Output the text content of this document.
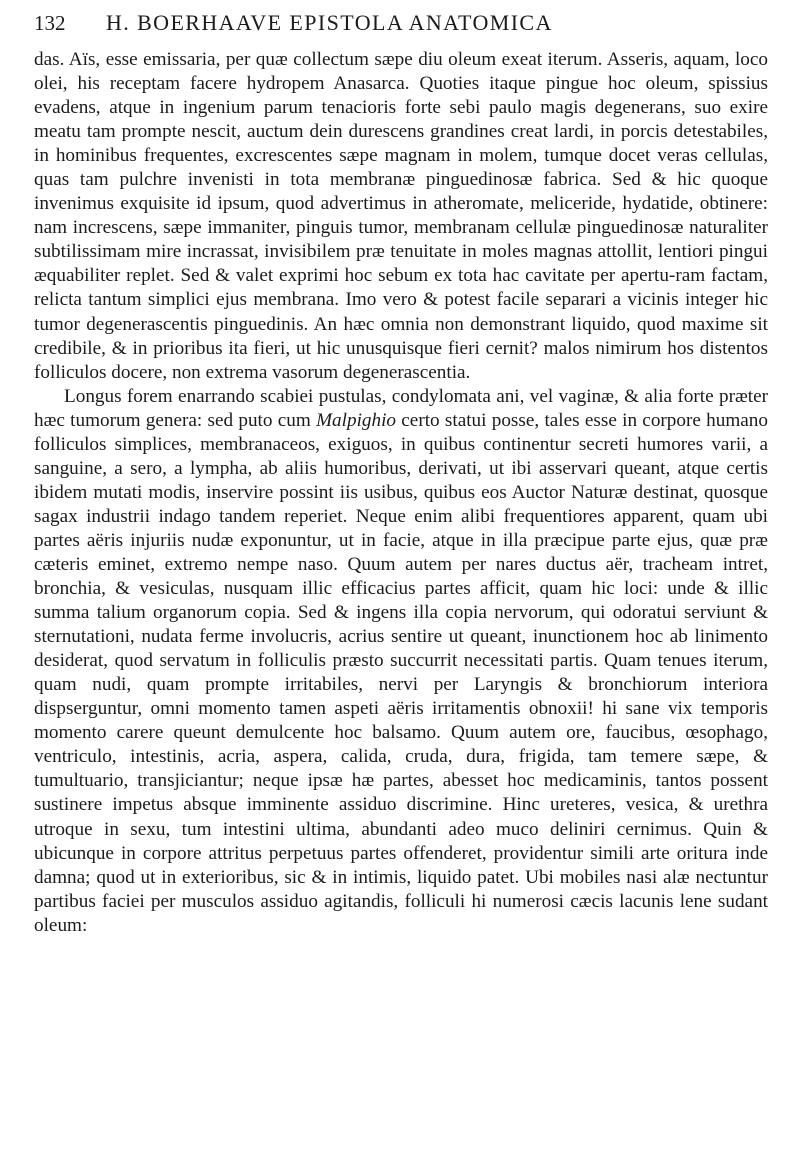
132	H. BOERHAAVE EPISTOLA ANATOMICA

das. Aïs, esse emissaria, per quæ collectum sæpe diu oleum exeat iterum. Asseris, aquam, loco olei, his receptam facere hydropem Anasarca. Quoties itaque pingue hoc oleum, spissius evadens, atque in ingenium parum tenacioris forte sebi paulo magis degenerans, suo exire meatu tam prompte nescit, auctum dein durescens grandines creat lardi, in porcis detestabiles, in hominibus frequentes, excrescentes sæpe magnam in molem, tumque docet veras cellulas, quas tam pulchre invenisti in tota membranæ pinguedinosæ fabrica. Sed & hic quoque invenimus exquisite id ipsum, quod advertimus in atheromate, meliceride, hydatide, obtinere: nam increscens, sæpe immaniter, pinguis tumor, membranam cellulæ pinguedinosæ naturaliter subtilissimam mire incrassat, invisibilem præ tenuitate in moles magnas attollit, lentiori pingui æquabiliter replet. Sed & valet exprimi hoc sebum ex tota hac cavitate per apertu-ram factam, relicta tantum simplici ejus membrana. Imo vero & potest facile separari a vicinis integer hic tumor degenerascentis pinguedinis. An hæc omnia non demonstrant liquido, quod maxime sit credibile, & in prioribus ita fieri, ut hic unusquisque fieri cernit? malos nimirum hos distentos folliculos docere, non extrema vasorum degenerascentia.

Longus forem enarrando scabiei pustulas, condylomata ani, vel vaginæ, & alia forte præter hæc tumorum genera: sed puto cum Malpighio certo statui posse, tales esse in corpore humano folliculos simplices, membranaceos, exiguos, in quibus continentur secreti humores varii, a sanguine, a sero, a lympha, ab aliis humoribus, derivati, ut ibi asservari queant, atque certis ibidem mutati modis, inservire possint iis usibus, quibus eos Auctor Naturæ destinat, quosque sagax industrii indago tandem reperiet. Neque enim alibi frequentiores apparent, quam ubi partes aëris injuriis nudæ exponuntur, ut in facie, atque in illa præcipue parte ejus, quæ præ cæteris eminet, extremo nempe naso. Quum autem per nares ductus aër, tracheam intret, bronchia, & vesiculas, nusquam illic efficacius partes afficit, quam hic loci: unde & illic summa talium organorum copia. Sed & ingens illa copia nervorum, qui odoratui serviunt & sternutationi, nudata ferme involucris, acrius sentire ut queant, inunctionem hoc ab linimento desiderat, quod servatum in folliculis præsto succurrit necessitati partis. Quam tenues iterum, quam nudi, quam prompte irritabiles, nervi per Laryngis & bronchiorum interiora dispserguntur, omni momento tamen aspeti aëris irritamentis obnoxii! hi sane vix temporis momento carere queunt demulcente hoc balsamo. Quum autem ore, faucibus, œsophago, ventriculo, intestinis, acria, aspera, calida, cruda, dura, frigida, tam temere sæpe, & tumultuario, transjiciantur; neque ipsæ hæ partes, abesset hoc medicaminis, tantos possent sustinere impetus absque imminente assiduo discrimine. Hinc ureteres, vesica, & urethra utroque in sexu, tum intestini ultima, abundanti adeo muco deliniri cernimus. Quin & ubicunque in corpore attritus perpetuus partes offenderet, providentur simili arte oritura inde damna; quod ut in exterioribus, sic & in intimis, liquido patet. Ubi mobiles nasi alæ nectuntur partibus faciei per musculos assiduo agitandis, folliculi hi numerosi cæcis lacunis lene sudant oleum:
